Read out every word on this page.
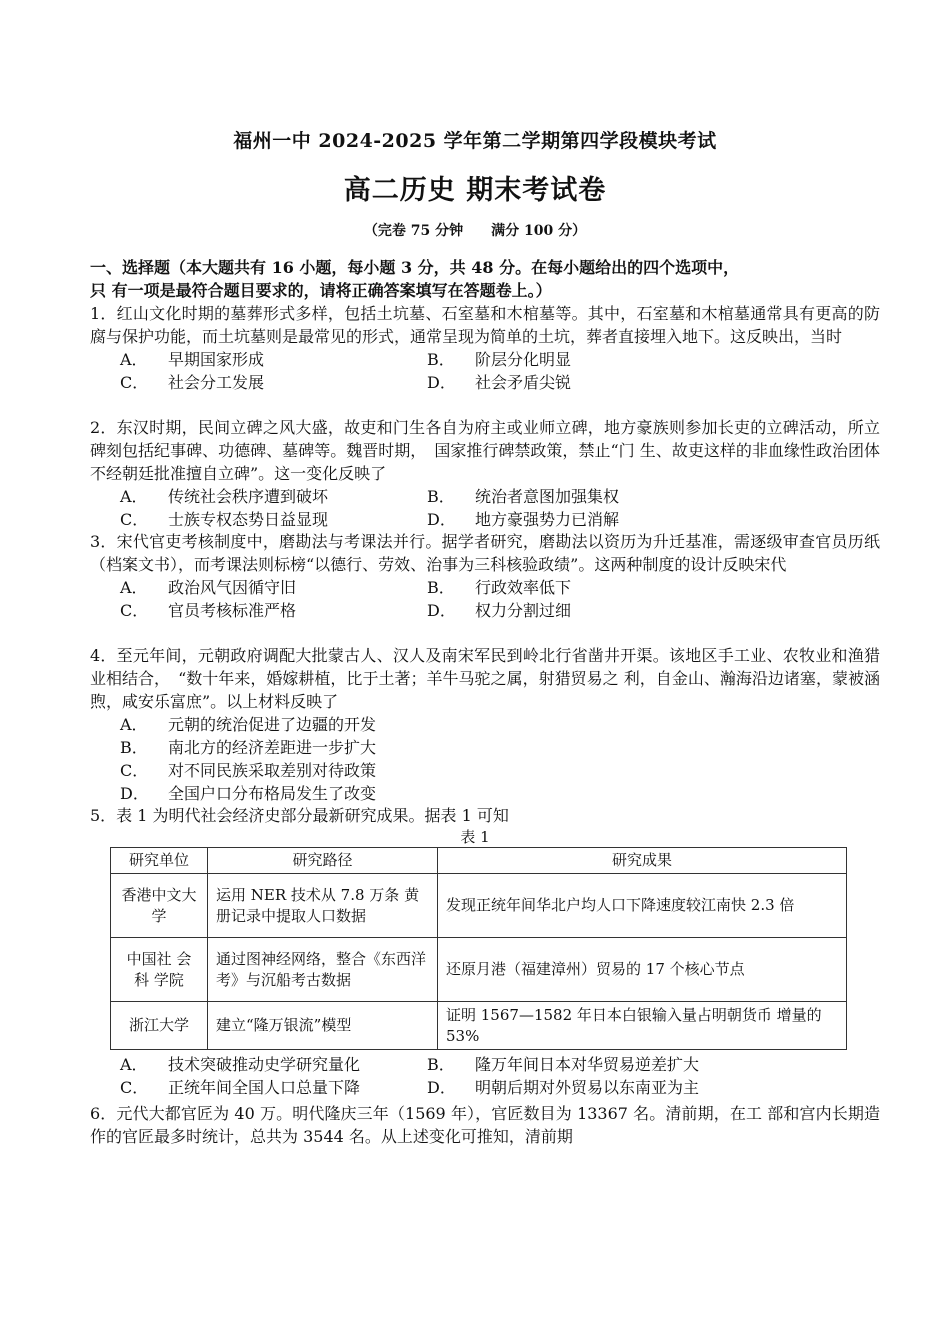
福州一中 2024-2025 学年第二学期第四学段模块考试
高二历史 期末考试卷
（完卷 75 分钟　　满分 100 分）
一、选择题（本大题共有 16 小题，每小题 3 分，共 48 分。在每小题给出的四个选项中，
只 有一项是最符合题目要求的，请将正确答案填写在答题卷上。）

1．红山文化时期的墓葬形式多样，包括土坑墓、石室墓和木棺墓等。其中，石室墓和木棺墓通常具有更高的防腐与保护功能，而土坑墓则是最常见的形式，通常呈现为简单的土坑，葬者直接埋入地下。这反映出，当时

A． 早期国家形成	B． 阶层分化明显
C． 社会分工发展	D． 社会矛盾尖锐

2．东汉时期，民间立碑之风大盛，故吏和门生各自为府主或业师立碑，地方豪族则参加长吏的立碑活动，所立碑刻包括纪事碑、功德碑、墓碑等。魏晋时期，　国家推行碑禁政策，禁止“门 生、故吏这样的非血缘性政治团体不经朝廷批准擅自立碑”。这一变化反映了

A． 传统社会秩序遭到破坏	B． 统治者意图加强集权
C． 士族专权态势日益显现	D． 地方豪强势力已消解

3．宋代官吏考核制度中，磨勘法与考课法并行。据学者研究，磨勘法以资历为升迁基准，需逐级审查官员历纸（档案文书），而考课法则标榜“以德行、劳效、治事为三科核验政绩”。这两种制度的设计反映宋代

A． 政治风气因循守旧	B． 行政效率低下
C． 官员考核标准严格	D． 权力分割过细

4．至元年间，元朝政府调配大批蒙古人、汉人及南宋军民到岭北行省凿井开渠。该地区手工业、农牧业和渔猎业相结合，　“数十年来，婚嫁耕植，比于土著；羊牛马驼之属，射猎贸易之 利，自金山、瀚海沿边诸塞，蒙被涵煦，咸安乐富庶”。以上材料反映了

A． 元朝的统治促进了边疆的开发
B． 南北方的经济差距进一步扩大
C． 对不同民族采取差别对待政策
D． 全国户口分布格局发生了改变

5．表 1 为明代社会经济史部分最新研究成果。据表 1 可知

表 1
研究单位	研究路径	研究成果
香港中文大学	运用 NER 技术从 7.8 万条 黄册记录中提取人口数据	发现正统年间华北户均人口下降速度较江南快 2.3 倍
中国社 会 科 学院	通过图神经网络，整合《东西洋考》与沉船考古数据	还原月港（福建漳州）贸易的 17 个核心节点
浙江大学	建立“隆万银流”模型	证明 1567—1582 年日本白银输入量占明朝货币 增量的 53%
A． 技术突破推动史学研究量化	B． 隆万年间日本对华贸易逆差扩大
C． 正统年间全国人口总量下降	D． 明朝后期对外贸易以东南亚为主

6．元代大都官匠为 40 万。明代隆庆三年（1569 年），官匠数目为 13367 名。清前期，在工 部和宫内长期造作的官匠最多时统计，总共为 3544 名。从上述变化可推知，清前期
